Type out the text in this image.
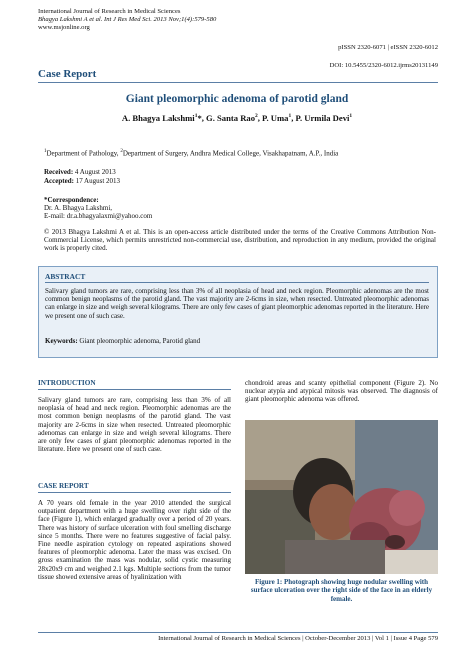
International Journal of Research in Medical Sciences
Bhagya Lakshmi A et al. Int J Res Med Sci. 2013 Nov;1(4):579-580
www.msjonline.org
pISSN 2320-6071 | eISSN 2320-6012
DOI: 10.5455/2320-6012.ijrms20131149
Case Report
Giant pleomorphic adenoma of parotid gland
A. Bhagya Lakshmi$^1$*, G. Santa Rao$^2$, P. Uma$^1$, P. Urmila Devi$^1$
$^1$Department of Pathology, $^2$Department of Surgery, Andhra Medical College, Visakhapatnam, A.P., India
Received: 4 August 2013
Accepted: 17 August 2013
*Correspondence:
Dr. A. Bhagya Lakshmi,
E-mail: dr.a.bhagyalaxmi@yahoo.com
© 2013 Bhagya Lakshmi A et al. This is an open-access article distributed under the terms of the Creative Commons Attribution Non-Commercial License, which permits unrestricted non-commercial use, distribution, and reproduction in any medium, provided the original work is properly cited.
ABSTRACT
Salivary gland tumors are rare, comprising less than 3% of all neoplasia of head and neck region. Pleomorphic adenomas are the most common benign neoplasms of the parotid gland. The vast majority are 2-6cms in size, when resected. Untreated pleomorphic adenomas can enlarge in size and weigh several kilograms. There are only few cases of giant pleomorphic adenomas reported in the literature. Here we present one of such case.
Keywords: Giant pleomorphic adenoma, Parotid gland
INTRODUCTION
Salivary gland tumors are rare, comprising less than 3% of all neoplasia of head and neck region. Pleomorphic adenomas are the most common benign neoplasms of the parotid gland. The vast majority are 2-6cms in size when resected. Untreated pleomorphic adenomas can enlarge in size and weigh several kilograms. There are only few cases of giant pleomorphic adenomas reported in the literature. Here we present one of such case.
CASE REPORT
A 70 years old female in the year 2010 attended the surgical outpatient department with a huge swelling over right side of the face (Figure 1), which enlarged gradually over a period of 20 years. There was history of surface ulceration with foul smelling discharge since 5 months. There were no features suggestive of facial palsy. Fine needle aspiration cytology on repeated aspirations showed features of pleomorphic adenoma. Later the mass was excised. On gross examination the mass was nodular, solid cystic measuring 28x20x9 cm and weighed 2.1 kgs. Multiple sections from the tumor tissue showed extensive areas of hyalinization with
chondroid areas and scanty epithelial component (Figure 2). No nuclear atypia and atypical mitosis was observed. The diagnosis of giant pleomorphic adenoma was offered.
Figure 1: Photograph showing huge nodular swelling with surface ulceration over the right side of the face in an elderly female.
International Journal of Research in Medical Sciences | October-December 2013 | Vol 1 | Issue 4 Page 579
